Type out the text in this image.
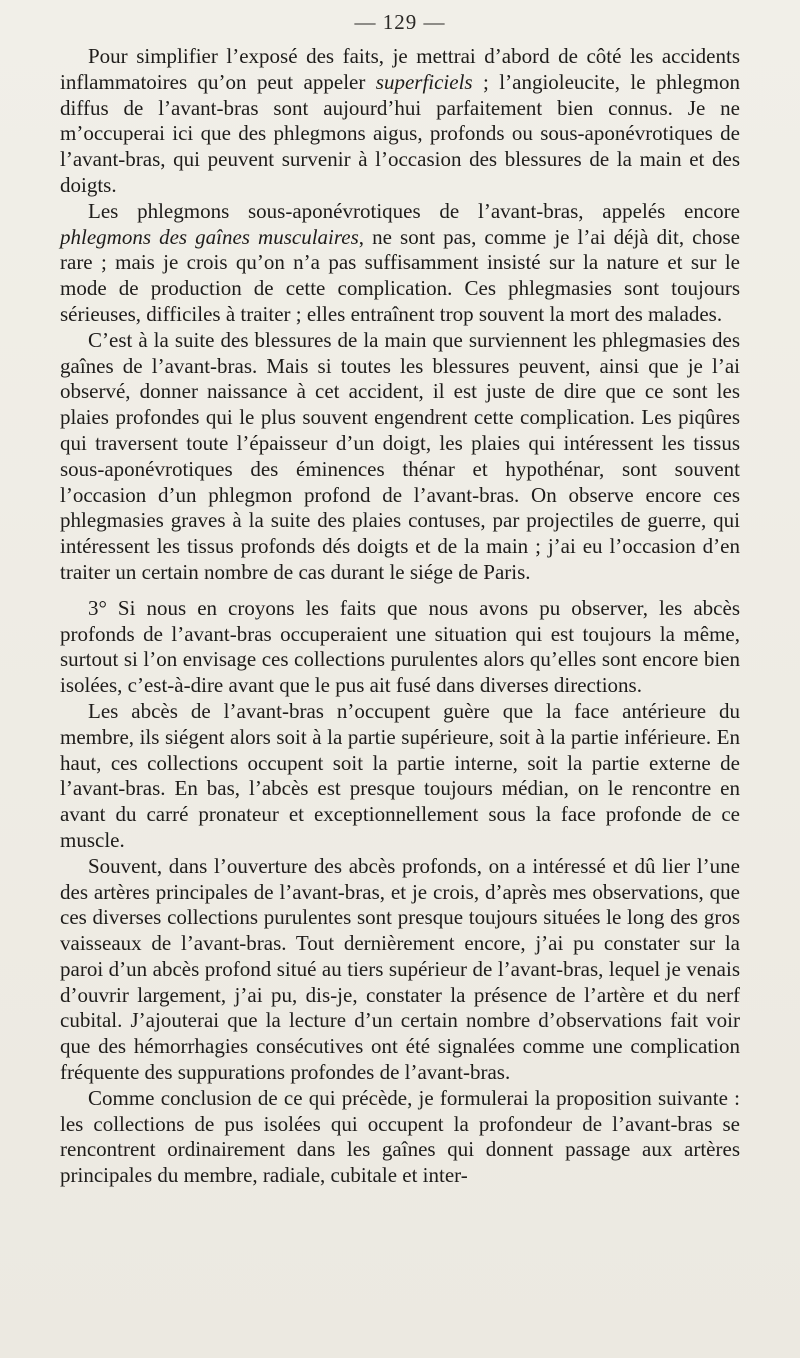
— 129 —

Pour simplifier l’exposé des faits, je mettrai d’abord de côté les accidents inflammatoires qu’on peut appeler superficiels ; l’angioleucite, le phlegmon diffus de l’avant-bras sont aujourd’hui parfaitement bien connus. Je ne m’occuperai ici que des phlegmons aigus, profonds ou sous-aponévrotiques de l’avant-bras, qui peuvent survenir à l’occasion des blessures de la main et des doigts.

Les phlegmons sous-aponévrotiques de l’avant-bras, appelés encore phlegmons des gaînes musculaires, ne sont pas, comme je l’ai déjà dit, chose rare ; mais je crois qu’on n’a pas suffisamment insisté sur la nature et sur le mode de production de cette complication. Ces phlegmasies sont toujours sérieuses, difficiles à traiter ; elles entraînent trop souvent la mort des malades.

C’est à la suite des blessures de la main que surviennent les phlegmasies des gaînes de l’avant-bras. Mais si toutes les blessures peuvent, ainsi que je l’ai observé, donner naissance à cet accident, il est juste de dire que ce sont les plaies profondes qui le plus souvent engendrent cette complication. Les piqûres qui traversent toute l’épaisseur d’un doigt, les plaies qui intéressent les tissus sous-aponévrotiques des éminences thénar et hypothénar, sont souvent l’occasion d’un phlegmon profond de l’avant-bras. On observe encore ces phlegmasies graves à la suite des plaies contuses, par projectiles de guerre, qui intéressent les tissus profonds dés doigts et de la main ; j’ai eu l’occasion d’en traiter un certain nombre de cas durant le siége de Paris.

3° Si nous en croyons les faits que nous avons pu observer, les abcès profonds de l’avant-bras occuperaient une situation qui est toujours la même, surtout si l’on envisage ces collections purulentes alors qu’elles sont encore bien isolées, c’est-à-dire avant que le pus ait fusé dans diverses directions.

Les abcès de l’avant-bras n’occupent guère que la face antérieure du membre, ils siégent alors soit à la partie supérieure, soit à la partie inférieure. En haut, ces collections occupent soit la partie interne, soit la partie externe de l’avant-bras. En bas, l’abcès est presque toujours médian, on le rencontre en avant du carré pronateur et exceptionnellement sous la face profonde de ce muscle.

Souvent, dans l’ouverture des abcès profonds, on a intéressé et dû lier l’une des artères principales de l’avant-bras, et je crois, d’après mes observations, que ces diverses collections purulentes sont presque toujours situées le long des gros vaisseaux de l’avant-bras. Tout dernièrement encore, j’ai pu constater sur la paroi d’un abcès profond situé au tiers supérieur de l’avant-bras, lequel je venais d’ouvrir largement, j’ai pu, dis-je, constater la présence de l’artère et du nerf cubital. J’ajouterai que la lecture d’un certain nombre d’observations fait voir que des hémorrhagies consécutives ont été signalées comme une complication fréquente des suppurations profondes de l’avant-bras.

Comme conclusion de ce qui précède, je formulerai la proposition suivante : les collections de pus isolées qui occupent la profondeur de l’avant-bras se rencontrent ordinairement dans les gaînes qui donnent passage aux artères principales du membre, radiale, cubitale et inter-
